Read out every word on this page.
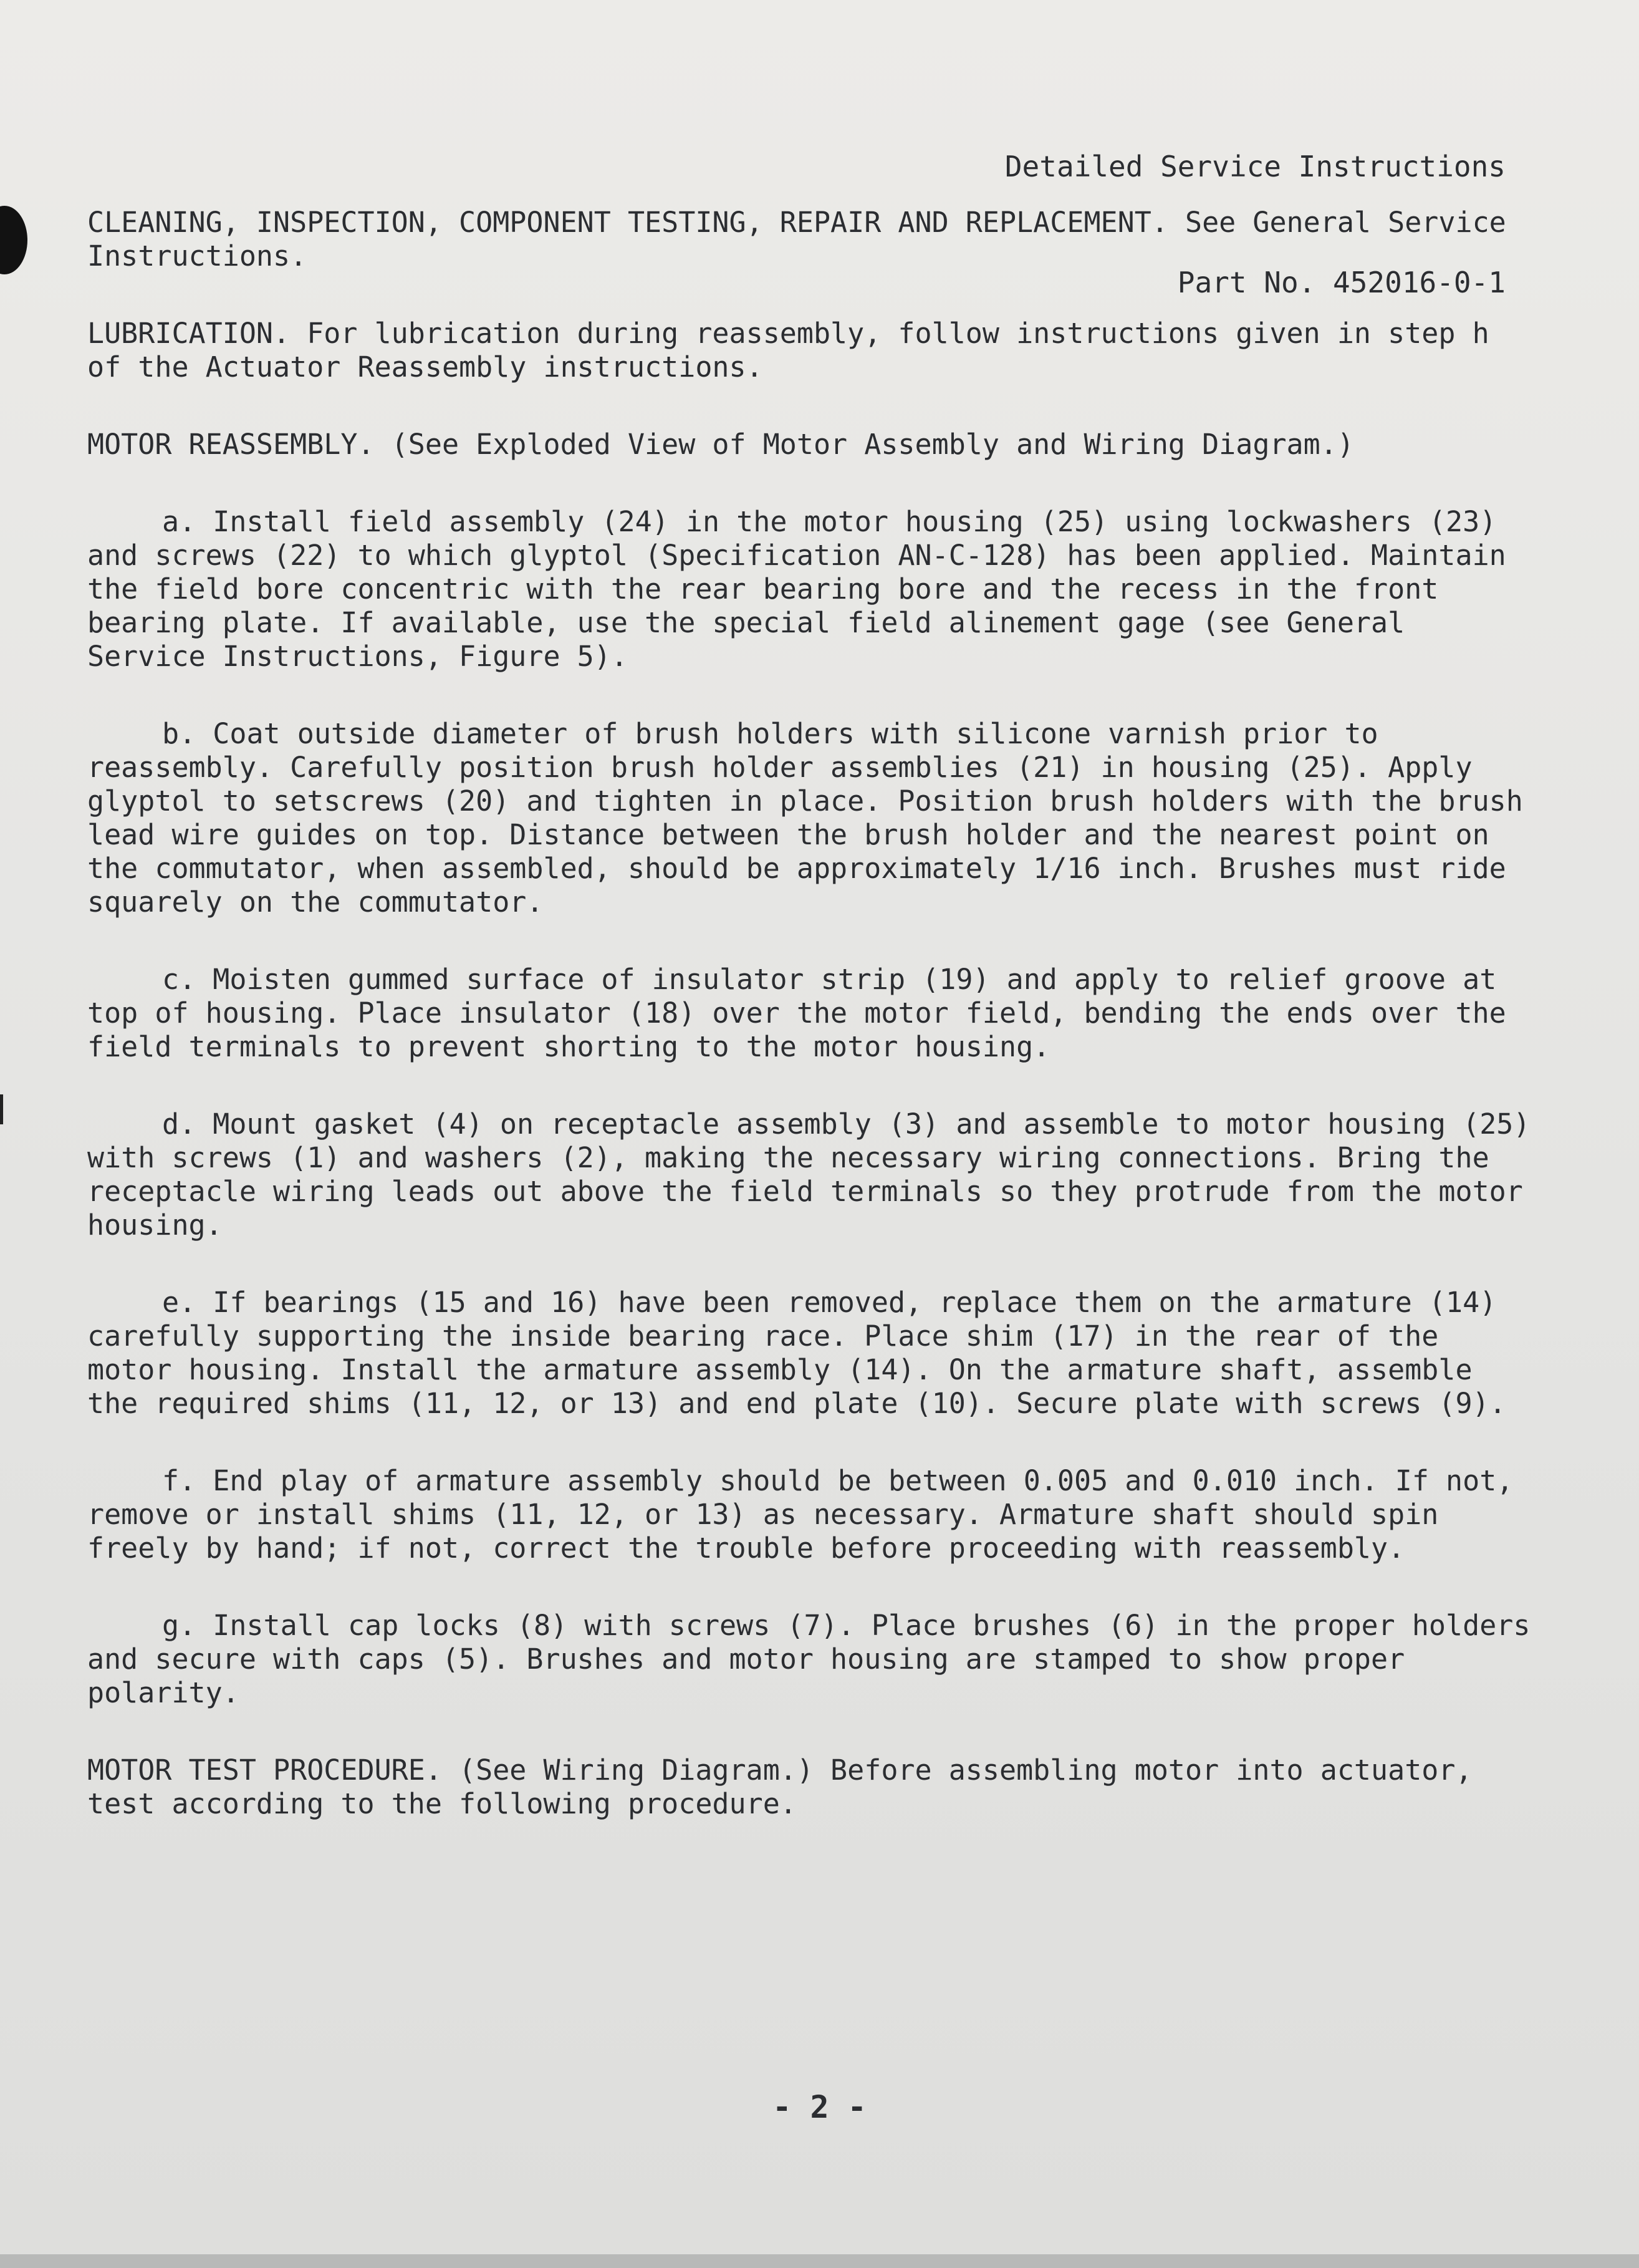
Detailed Service Instructions

Part No. 452016-0-1

CLEANING, INSPECTION, COMPONENT TESTING, REPAIR AND REPLACEMENT. See General Service Instructions.

LUBRICATION. For lubrication during reassembly, follow instructions given in step h of the Actuator Reassembly instructions.

MOTOR REASSEMBLY. (See Exploded View of Motor Assembly and Wiring Diagram.)

a. Install field assembly (24) in the motor housing (25) using lockwashers (23) and screws (22) to which glyptol (Specification AN-C-128) has been applied. Maintain the field bore concentric with the rear bearing bore and the recess in the front bearing plate. If available, use the special field alinement gage (see General Service Instructions, Figure 5).

b. Coat outside diameter of brush holders with silicone varnish prior to reassembly. Carefully position brush holder assemblies (21) in housing (25). Apply glyptol to setscrews (20) and tighten in place. Position brush holders with the brush lead wire guides on top. Distance between the brush holder and the nearest point on the commutator, when assembled, should be approximately 1/16 inch. Brushes must ride squarely on the commutator.

c. Moisten gummed surface of insulator strip (19) and apply to relief groove at top of housing. Place insulator (18) over the motor field, bending the ends over the field terminals to prevent shorting to the motor housing.

d. Mount gasket (4) on receptacle assembly (3) and assemble to motor housing (25) with screws (1) and washers (2), making the necessary wiring connections. Bring the receptacle wiring leads out above the field terminals so they protrude from the motor housing.

e. If bearings (15 and 16) have been removed, replace them on the armature (14) carefully supporting the inside bearing race. Place shim (17) in the rear of the motor housing. Install the armature assembly (14). On the armature shaft, assemble the required shims (11, 12, or 13) and end plate (10). Secure plate with screws (9).

f. End play of armature assembly should be between 0.005 and 0.010 inch. If not, remove or install shims (11, 12, or 13) as necessary. Armature shaft should spin freely by hand; if not, correct the trouble before proceeding with reassembly.

g. Install cap locks (8) with screws (7). Place brushes (6) in the proper holders and secure with caps (5). Brushes and motor housing are stamped to show proper polarity.

MOTOR TEST PROCEDURE. (See Wiring Diagram.) Before assembling motor into actuator, test according to the following procedure.

- 2 -
